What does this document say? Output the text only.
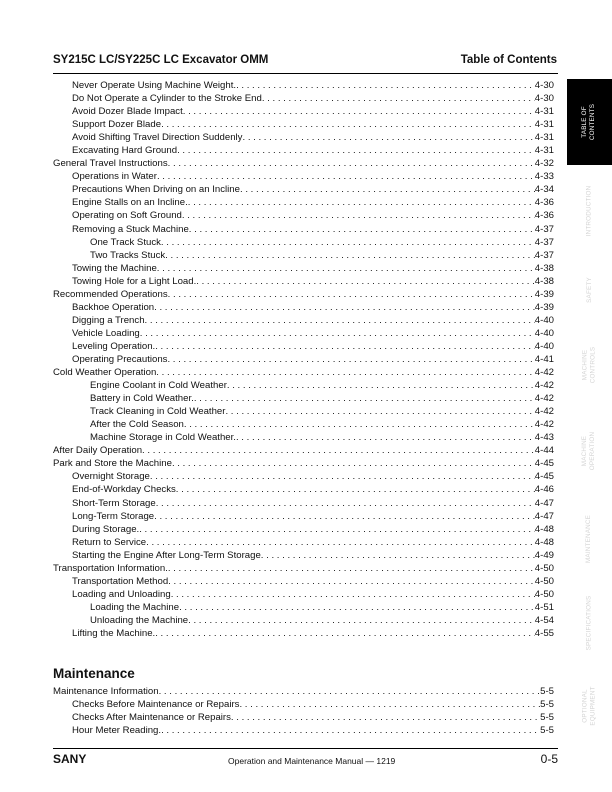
SY215C LC/SY225C LC Excavator OMM	Table of Contents
Never Operate Using Machine Weight. . . .	4-30
Do Not Operate a Cylinder to the Stroke End . . .	4-30
Avoid Dozer Blade Impact . . .	4-31
Support Dozer Blade . . .	4-31
Avoid Shifting Travel Direction Suddenly . . .	4-31
Excavating Hard Ground . . .	4-31
General Travel Instructions . . .	4-32
Operations in Water . . .	4-33
Precautions When Driving on an Incline . . .	4-34
Engine Stalls on an Incline. . . .	4-36
Operating on Soft Ground . . .	4-36
Removing a Stuck Machine . . .	4-37
One Track Stuck . . .	4-37
Two Tracks Stuck . . .	4-37
Towing the Machine . . .	4-38
Towing Hole for a Light Load. . . .	4-38
Recommended Operations . . .	4-39
Backhoe Operation . . .	4-39
Digging a Trench . . .	4-40
Vehicle Loading . . .	4-40
Leveling Operation. . . .	4-40
Operating Precautions . . .	4-41
Cold Weather Operation . . .	4-42
Engine Coolant in Cold Weather . . .	4-42
Battery in Cold Weather. . . .	4-42
Track Cleaning in Cold Weather . . .	4-42
After the Cold Season . . .	4-42
Machine Storage in Cold Weather. . . .	4-43
After Daily Operation . . .	4-44
Park and Store the Machine . . .	4-45
Overnight Storage . . .	4-45
End-of-Workday Checks . . .	4-46
Short-Term Storage . . .	4-47
Long-Term Storage . . .	4-47
During Storage. . . .	4-48
Return to Service . . .	4-48
Starting the Engine After Long-Term Storage . . .	4-49
Transportation Information. . . .	4-50
Transportation Method . . .	4-50
Loading and Unloading . . .	4-50
Loading the Machine . . .	4-51
Unloading the Machine . . .	4-54
Lifting the Machine. . . .	4-55
Maintenance
Maintenance Information . . .	5-5
Checks Before Maintenance or Repairs . . .	5-5
Checks After Maintenance or Repairs . . .	5-5
Hour Meter Reading. . . .	5-5
TABLE OF
CONTENTS
INTRODUCTION
SAFETY
MACHINE
CONTROLS
MACHINE
OPERATION
MAINTENANCE
SPECIFICATIONS
OPTIONAL
EQUIPMENT
SANY	Operation and Maintenance Manual — 1219	0-5
